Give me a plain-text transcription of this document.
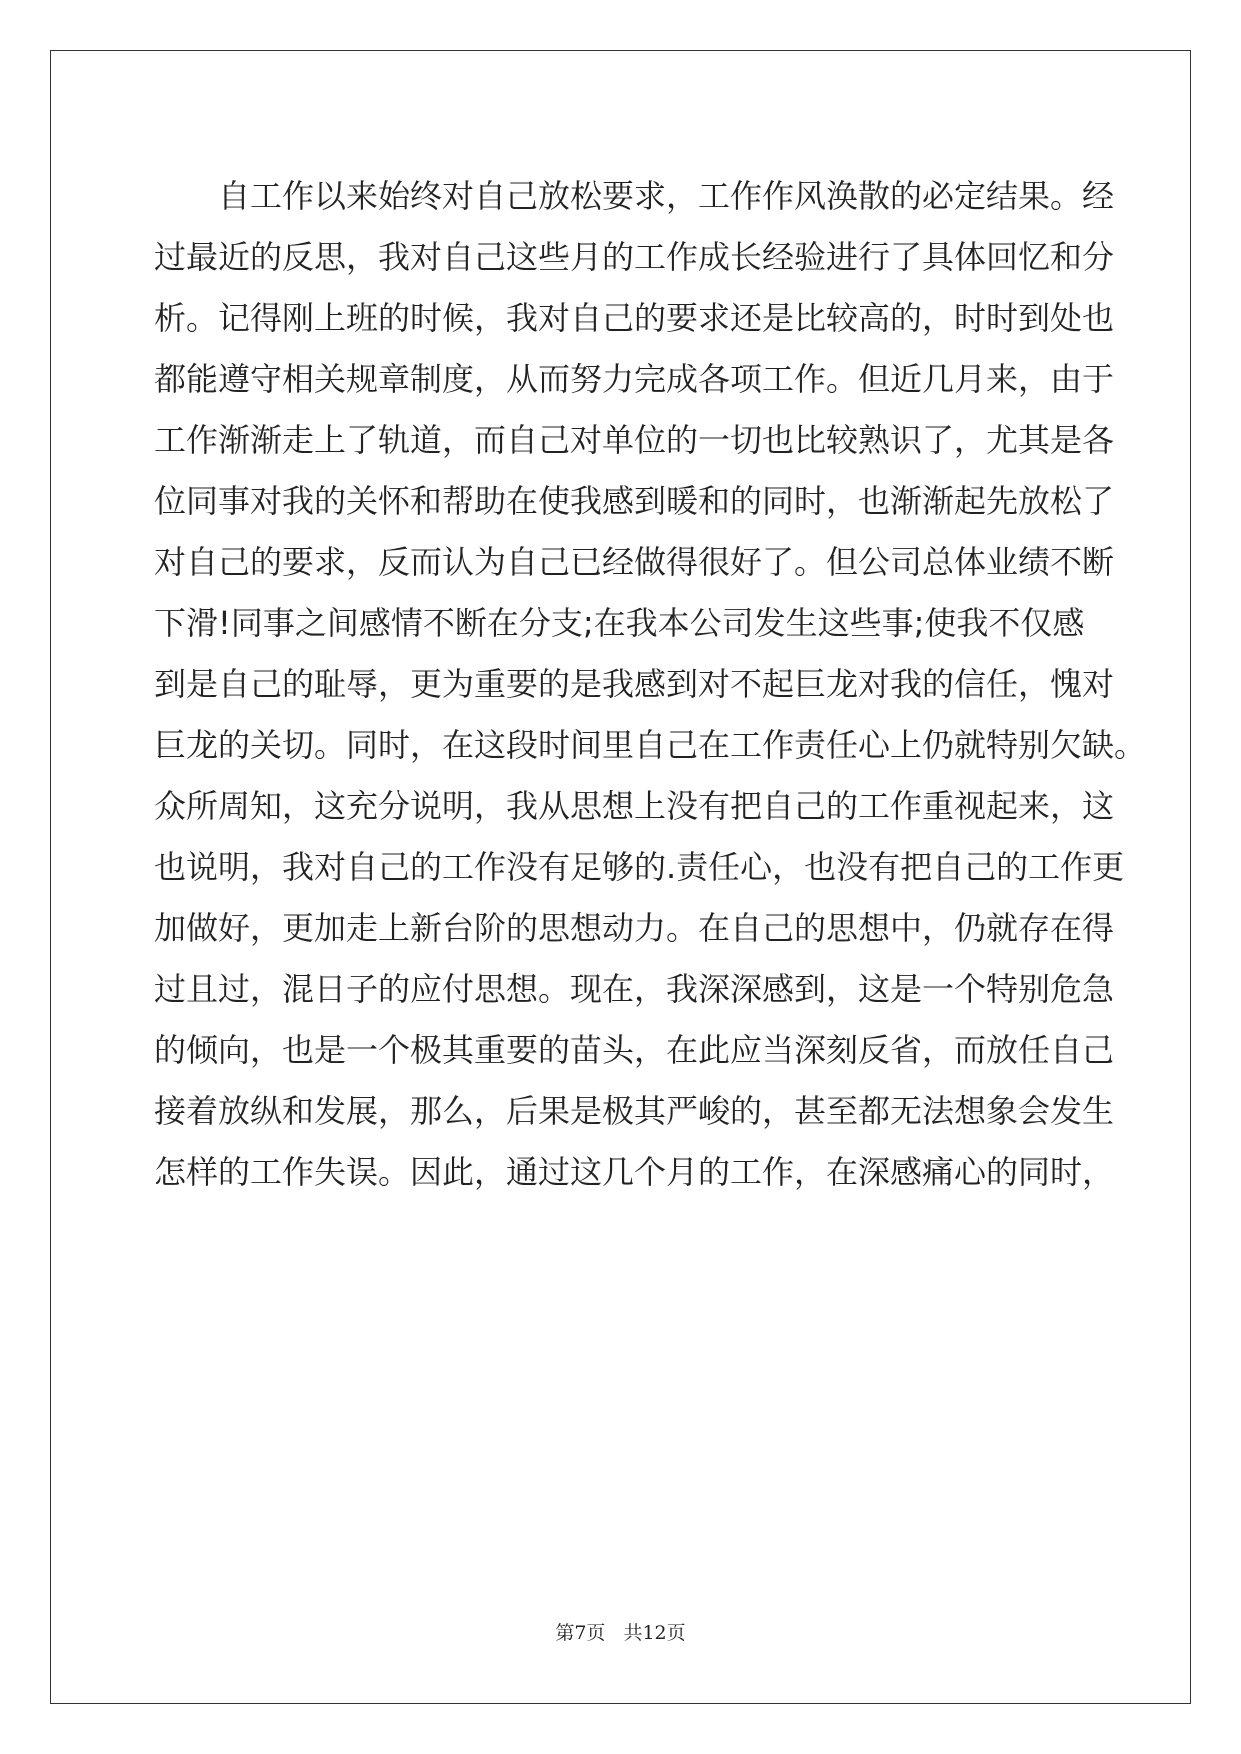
自工作以来始终对自己放松要求，工作作风涣散的必定结果。经

过最近的反思，我对自己这些月的工作成长经验进行了具体回忆和分

析。记得刚上班的时候，我对自己的要求还是比较高的，时时到处也

都能遵守相关规章制度，从而努力完成各项工作。但近几月来，由于

工作渐渐走上了轨道，而自己对单位的一切也比较熟识了，尤其是各

位同事对我的关怀和帮助在使我感到暖和的同时，也渐渐起先放松了

对自己的要求，反而认为自己已经做得很好了。但公司总体业绩不断

下滑!同事之间感情不断在分支;在我本公司发生这些事;使我不仅感

到是自己的耻辱，更为重要的是我感到对不起巨龙对我的信任，愧对

巨龙的关切。同时，在这段时间里自己在工作责任心上仍就特别欠缺。

众所周知，这充分说明，我从思想上没有把自己的工作重视起来，这

也说明，我对自己的工作没有足够的.责任心，也没有把自己的工作更

加做好，更加走上新台阶的思想动力。在自己的思想中，仍就存在得

过且过，混日子的应付思想。现在，我深深感到，这是一个特别危急

的倾向，也是一个极其重要的苗头，在此应当深刻反省，而放任自己

接着放纵和发展，那么，后果是极其严峻的，甚至都无法想象会发生

怎样的工作失误。因此，通过这几个月的工作，在深感痛心的同时，

第7页 共12页
